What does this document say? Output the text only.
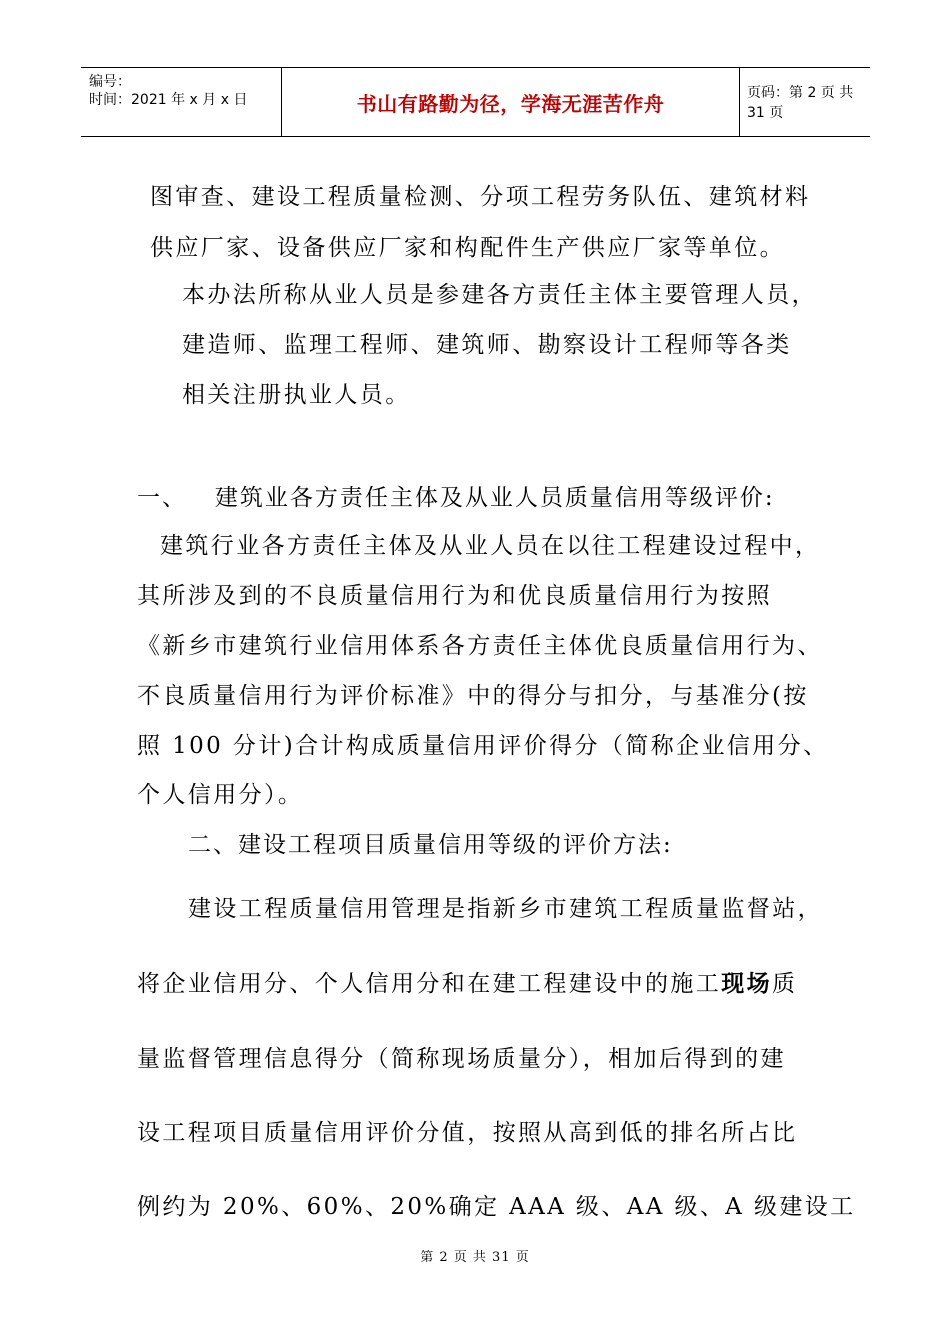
编号：
时间：2021 年 x 月 x 日	书山有路勤为径，学海无涯苦作舟	页码：第 2 页 共 31 页
图审查、建设工程质量检测、分项工程劳务队伍、建筑材料
供应厂家、设备供应厂家和构配件生产供应厂家等单位。
本办法所称从业人员是参建各方责任主体主要管理人员，
建造师、监理工程师、建筑师、勘察设计工程师等各类
相关注册执业人员。
一、   建筑业各方责任主体及从业人员质量信用等级评价:
建筑行业各方责任主体及从业人员在以往工程建设过程中，
其所涉及到的不良质量信用行为和优良质量信用行为按照
《新乡市建筑行业信用体系各方责任主体优良质量信用行为、
不良质量信用行为评价标准》中的得分与扣分，与基准分(按
照 100 分计)合计构成质量信用评价得分（简称企业信用分、
个人信用分）。
二、建设工程项目质量信用等级的评价方法:
建设工程质量信用管理是指新乡市建筑工程质量监督站，
将企业信用分、个人信用分和在建工程建设中的施工现场质
量监督管理信息得分（简称现场质量分），相加后得到的建
设工程项目质量信用评价分值，按照从高到低的排名所占比
例约为 20%、60%、20%确定 AAA 级、AA 级、A 级建设工
第 2 页 共 31 页
